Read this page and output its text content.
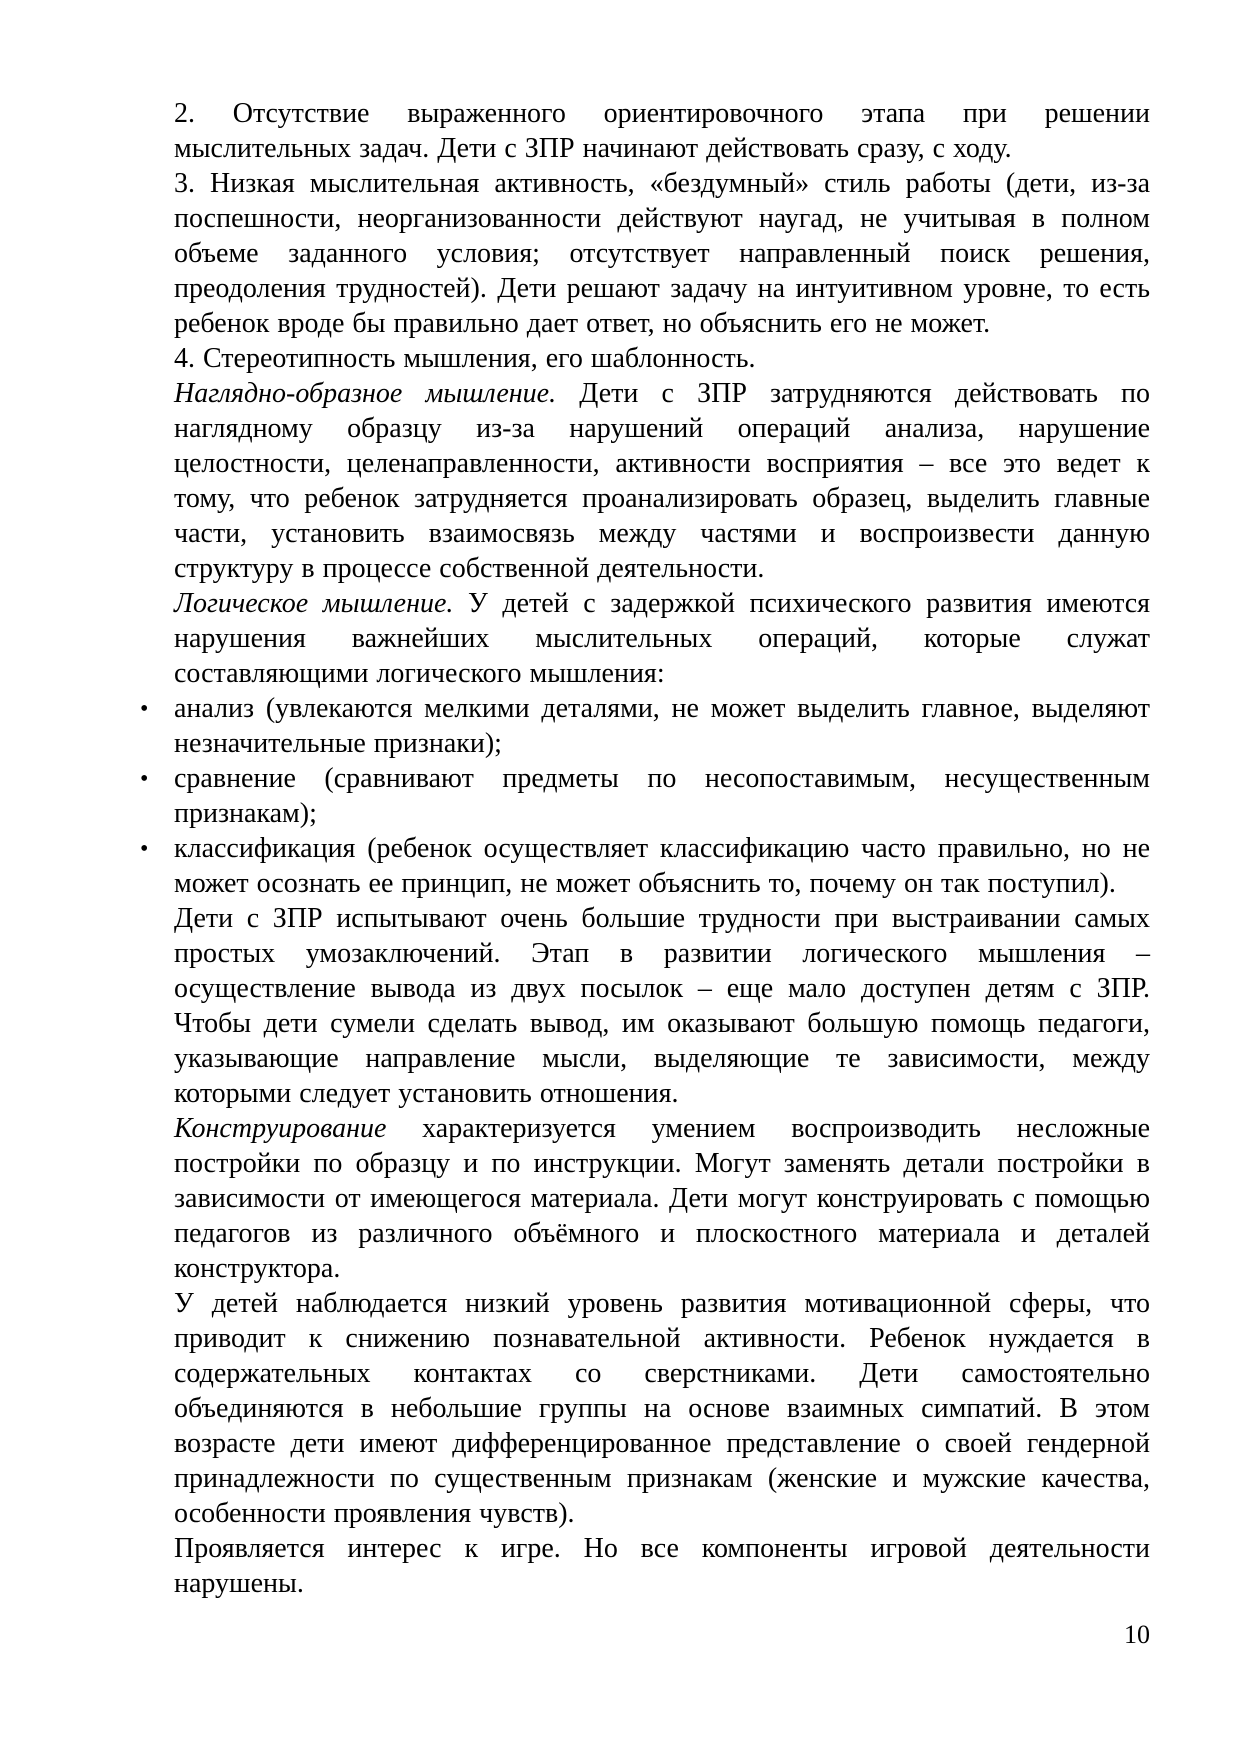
2. Отсутствие выраженного ориентировочного этапа при решении мыслительных задач. Дети с ЗПР начинают действовать сразу, с ходу.

3. Низкая мыслительная активность, «бездумный» стиль работы (дети, из-за поспешности, неорганизованности действуют наугад, не учитывая в полном объеме заданного условия; отсутствует направленный поиск решения, преодоления трудностей). Дети решают задачу на интуитивном уровне, то есть ребенок вроде бы правильно дает ответ, но объяснить его не может.

4. Стереотипность мышления, его шаблонность.

Наглядно-образное мышление. Дети с ЗПР затрудняются действовать по наглядному образцу из-за нарушений операций анализа, нарушение целостности, целенаправленности, активности восприятия – все это ведет к тому, что ребенок затрудняется проанализировать образец, выделить главные части, установить взаимосвязь между частями и воспроизвести данную структуру в процессе собственной деятельности.

Логическое мышление. У детей с задержкой психического развития имеются нарушения важнейших мыслительных операций, которые служат составляющими логического мышления:

• анализ (увлекаются мелкими деталями, не может выделить главное, выделяют незначительные признаки);
• сравнение (сравнивают предметы по несопоставимым, несущественным признакам);
• классификация (ребенок осуществляет классификацию часто правильно, но не может осознать ее принцип, не может объяснить то, почему он так поступил).

Дети с ЗПР испытывают очень большие трудности при выстраивании самых простых умозаключений. Этап в развитии логического мышления – осуществление вывода из двух посылок – еще мало доступен детям с ЗПР. Чтобы дети сумели сделать вывод, им оказывают большую помощь педагоги, указывающие направление мысли, выделяющие те зависимости, между которыми следует установить отношения.

Конструирование характеризуется умением воспроизводить несложные постройки по образцу и по инструкции. Могут заменять детали постройки в зависимости от имеющегося материала. Дети могут конструировать с помощью педагогов из различного объёмного и плоскостного материала и деталей конструктора.

У детей наблюдается низкий уровень развития мотивационной сферы, что приводит к снижению познавательной активности. Ребенок нуждается в содержательных контактах со сверстниками. Дети самостоятельно объединяются в небольшие группы на основе взаимных симпатий. В этом возрасте дети имеют дифференцированное представление о своей гендерной принадлежности по существенным признакам (женские и мужские качества, особенности проявления чувств).

Проявляется интерес к игре. Но все компоненты игровой деятельности нарушены.

10
